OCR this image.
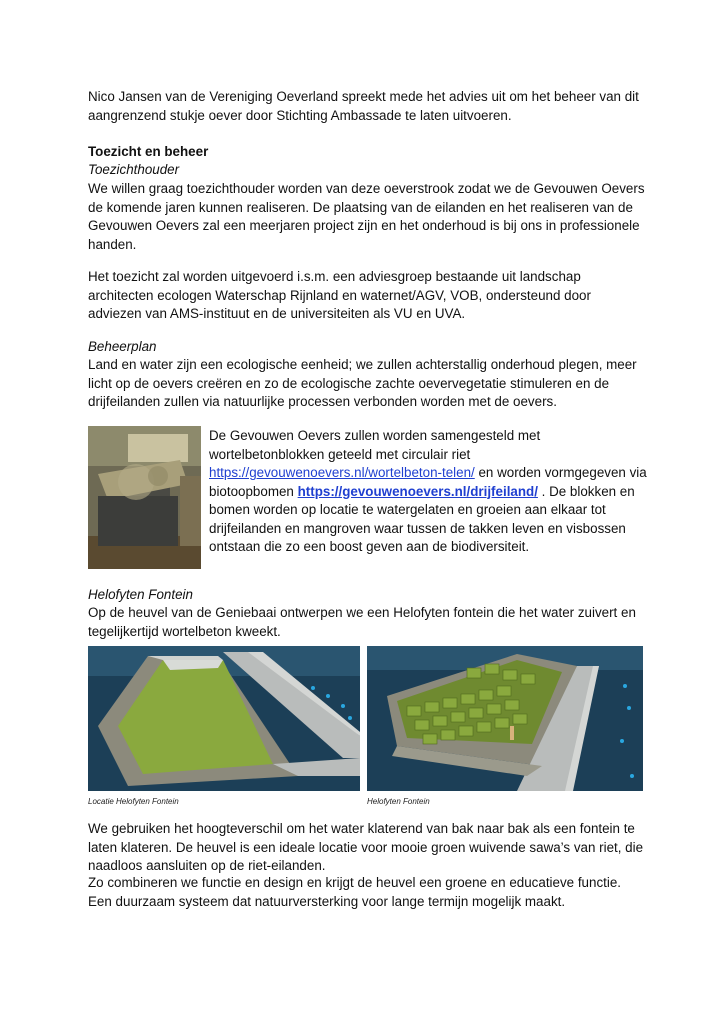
Nico Jansen van de Vereniging Oeverland spreekt mede het advies uit om het beheer van dit aangrenzend stukje oever door Stichting Ambassade te laten uitvoeren.

Toezicht en beheer
Toezichthouder

We willen graag toezichthouder worden van deze oeverstrook zodat we de Gevouwen Oevers de komende jaren kunnen realiseren. De plaatsing van de eilanden en het realiseren van de Gevouwen Oevers zal een meerjaren project zijn en het onderhoud is bij ons in professionele handen.

Het toezicht zal worden uitgevoerd i.s.m. een adviesgroep bestaande uit landschap architecten ecologen Waterschap Rijnland en waternet/AGV, VOB, ondersteund door adviezen van AMS-instituut en de universiteiten als VU en UVA.

Beheerplan

Land en water zijn een ecologische eenheid; we zullen achterstallig onderhoud plegen, meer licht op de oevers creëren en zo de ecologische zachte oevervegetatie stimuleren en de drijfeilanden zullen via natuurlijke processen verbonden worden met de oevers.

De Gevouwen Oevers zullen worden samengesteld met wortelbetonblokken geteeld met circulair riet https://gevouwenoevers.nl/wortelbeton-telen/ en worden vormgegeven via biotoopbomen https://gevouwenoevers.nl/drijfeiland/ . De blokken en bomen worden op locatie te watergelaten en groeien aan elkaar tot drijfeilanden en mangroven waar tussen de takken leven en visbossen ontstaan die zo een boost geven aan de biodiversiteit.

Helofyten Fontein

Op de heuvel van de Geniebaai ontwerpen we een Helofyten fontein die het water zuivert en tegelijkertijd wortelbeton kweekt.

Locatie Helofyten Fontein	Helofyten Fontein

We gebruiken het hoogteverschil om het water klaterend van bak naar bak als een fontein te laten klateren. De heuvel is een ideale locatie voor mooie groen wuivende sawa’s van riet, die naadloos aansluiten op de riet-eilanden.

Zo combineren we functie en design en krijgt de heuvel een groene en educatieve functie. Een duurzaam systeem dat natuurversterking voor lange termijn mogelijk maakt.
